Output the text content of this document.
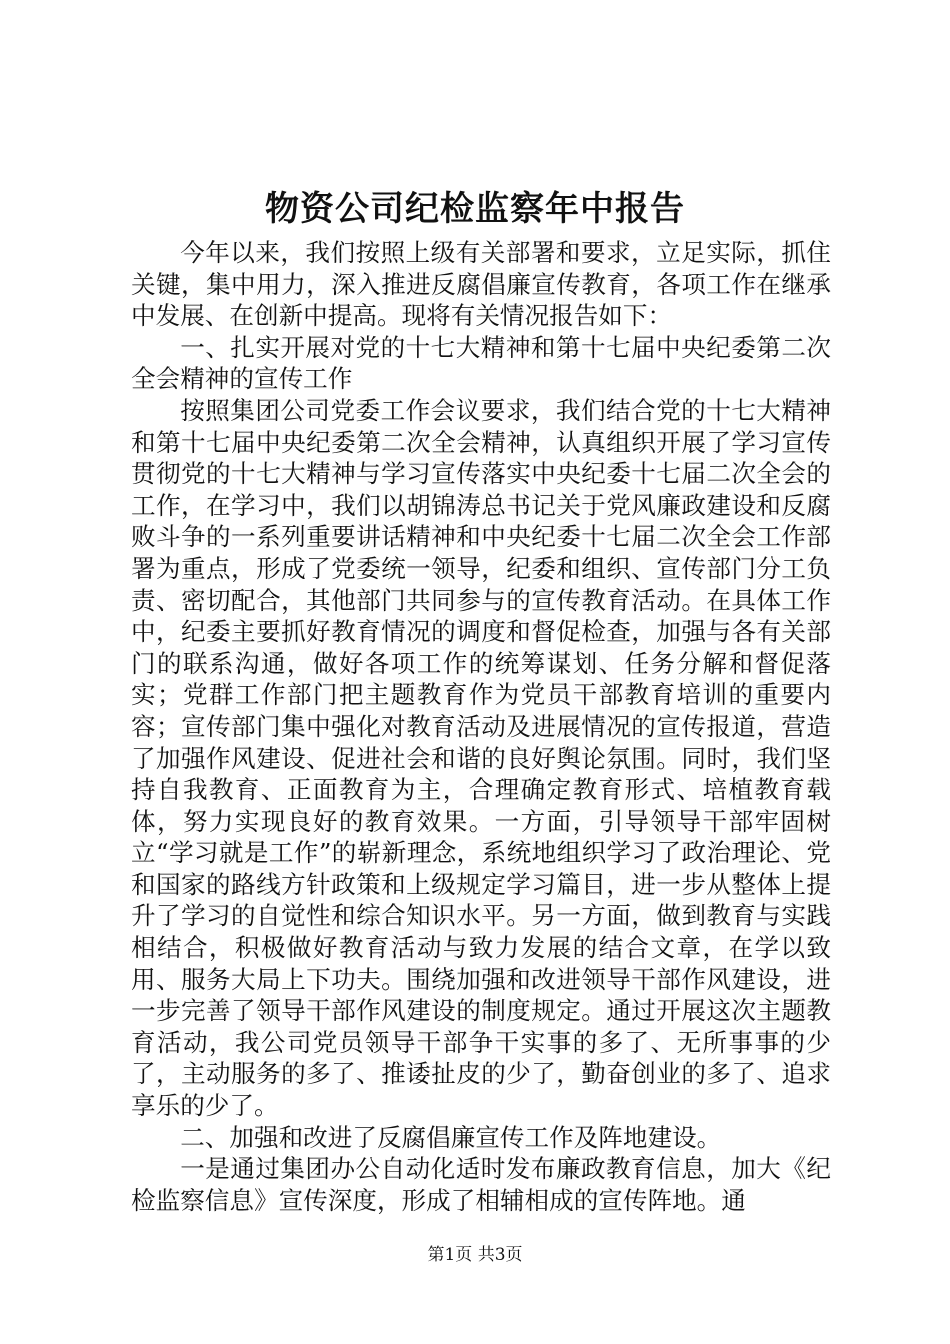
物资公司纪检监察年中报告

今年以来，我们按照上级有关部署和要求，立足实际，抓住关键，集中用力，深入推进反腐倡廉宣传教育，各项工作在继承中发展、在创新中提高。现将有关情况报告如下：

一、扎实开展对党的十七大精神和第十七届中央纪委第二次全会精神的宣传工作

按照集团公司党委工作会议要求，我们结合党的十七大精神和第十七届中央纪委第二次全会精神，认真组织开展了学习宣传贯彻党的十七大精神与学习宣传落实中央纪委十七届二次全会的工作，在学习中，我们以胡锦涛总书记关于党风廉政建设和反腐败斗争的一系列重要讲话精神和中央纪委十七届二次全会工作部署为重点，形成了党委统一领导，纪委和组织、宣传部门分工负责、密切配合，其他部门共同参与的宣传教育活动。在具体工作中，纪委主要抓好教育情况的调度和督促检查，加强与各有关部门的联系沟通，做好各项工作的统筹谋划、任务分解和督促落实；党群工作部门把主题教育作为党员干部教育培训的重要内容；宣传部门集中强化对教育活动及进展情况的宣传报道，营造了加强作风建设、促进社会和谐的良好舆论氛围。同时，我们坚持自我教育、正面教育为主，合理确定教育形式、培植教育载体，努力实现良好的教育效果。一方面，引导领导干部牢固树立“学习就是工作”的崭新理念，系统地组织学习了政治理论、党和国家的路线方针政策和上级规定学习篇目，进一步从整体上提升了学习的自觉性和综合知识水平。另一方面，做到教育与实践相结合，积极做好教育活动与致力发展的结合文章，在学以致用、服务大局上下功夫。围绕加强和改进领导干部作风建设，进一步完善了领导干部作风建设的制度规定。通过开展这次主题教育活动，我公司党员领导干部争干实事的多了、无所事事的少了，主动服务的多了、推诿扯皮的少了，勤奋创业的多了、追求享乐的少了。

二、加强和改进了反腐倡廉宣传工作及阵地建设。

一是通过集团办公自动化适时发布廉政教育信息，加大《纪检监察信息》宣传深度，形成了相辅相成的宣传阵地。通

第1页 共3页
